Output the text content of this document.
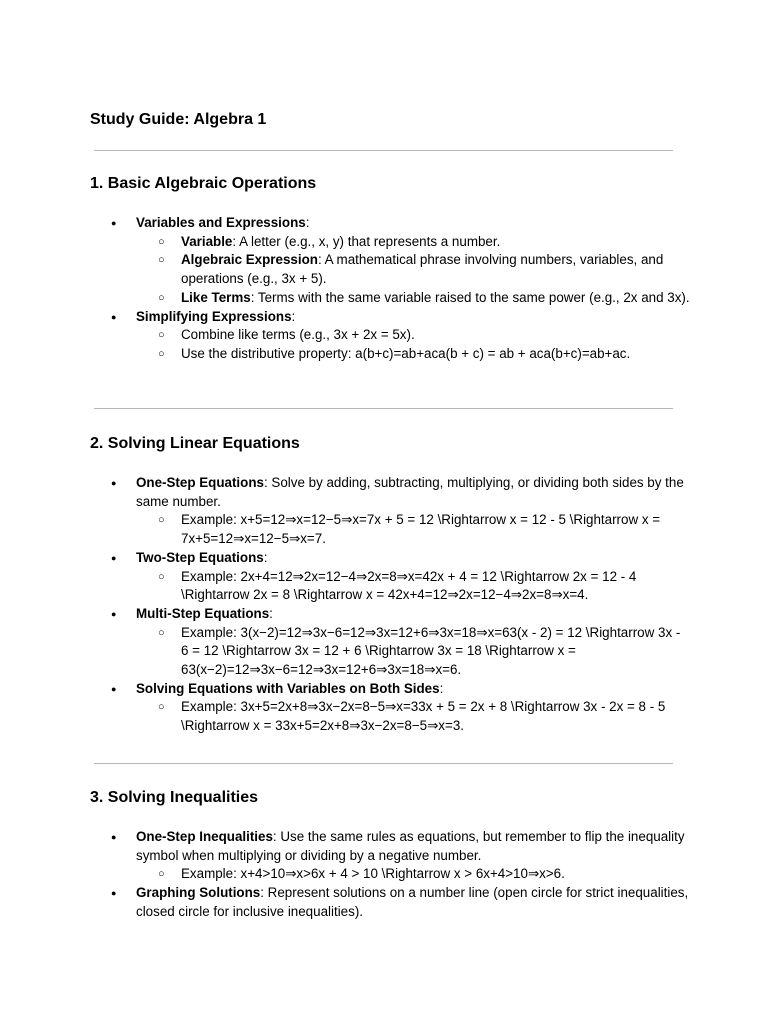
Study Guide: Algebra 1
1. Basic Algebraic Operations
● Variables and Expressions:
○ Variable: A letter (e.g., x, y) that represents a number.
○ Algebraic Expression: A mathematical phrase involving numbers, variables, and operations (e.g., 3x + 5).
○ Like Terms: Terms with the same variable raised to the same power (e.g., 2x and 3x).
● Simplifying Expressions:
○ Combine like terms (e.g., 3x + 2x = 5x).
○ Use the distributive property: a(b+c)=ab+aca(b + c) = ab + aca(b+c)=ab+ac.
2. Solving Linear Equations
● One-Step Equations: Solve by adding, subtracting, multiplying, or dividing both sides by the same number.
○ Example: x+5=12⇒x=12−5⇒x=7x + 5 = 12 \Rightarrow x = 12 - 5 \Rightarrow x = 7x+5=12⇒x=12−5⇒x=7.
● Two-Step Equations:
○ Example: 2x+4=12⇒2x=12−4⇒2x=8⇒x=42x + 4 = 12 \Rightarrow 2x = 12 - 4 \Rightarrow 2x = 8 \Rightarrow x = 42x+4=12⇒2x=12−4⇒2x=8⇒x=4.
● Multi-Step Equations:
○ Example: 3(x−2)=12⇒3x−6=12⇒3x=12+6⇒3x=18⇒x=63(x - 2) = 12 \Rightarrow 3x - 6 = 12 \Rightarrow 3x = 12 + 6 \Rightarrow 3x = 18 \Rightarrow x = 63(x−2)=12⇒3x−6=12⇒3x=12+6⇒3x=18⇒x=6.
● Solving Equations with Variables on Both Sides:
○ Example: 3x+5=2x+8⇒3x−2x=8−5⇒x=33x + 5 = 2x + 8 \Rightarrow 3x - 2x = 8 - 5 \Rightarrow x = 33x+5=2x+8⇒3x−2x=8−5⇒x=3.
3. Solving Inequalities
● One-Step Inequalities: Use the same rules as equations, but remember to flip the inequality symbol when multiplying or dividing by a negative number.
○ Example: x+4>10⇒x>6x + 4 > 10 \Rightarrow x > 6x+4>10⇒x>6.
● Graphing Solutions: Represent solutions on a number line (open circle for strict inequalities, closed circle for inclusive inequalities).
